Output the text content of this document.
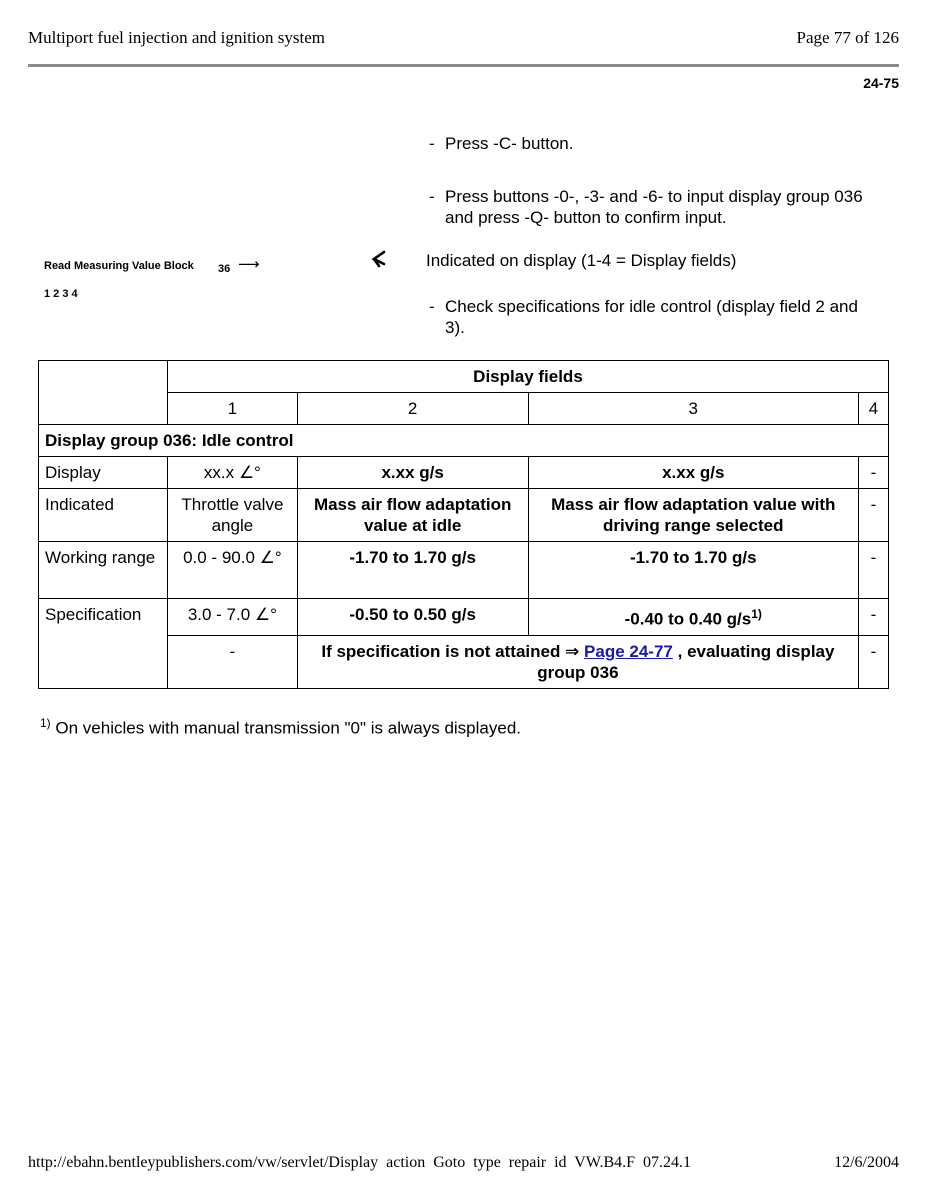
Multiport fuel injection and ignition system	Page 77 of 126
24-75
- Press -C- button.
- Press buttons -0-, -3- and -6- to input display group 036 and press -Q- button to confirm input.
Read Measuring Value Block 36 ⟶
1 2 3 4
Indicated on display (1-4 = Display fields)
- Check specifications for idle control (display field 2 and 3).
	Display fields			
	1	2	3	4
Display group 036: Idle control				
Display	xx.x ∠°	x.xx g/s	x.xx g/s	-
Indicated	Throttle valve angle	Mass air flow adaptation value at idle	Mass air flow adaptation value with driving range selected	-
Working range	0.0 - 90.0 ∠°	-1.70 to 1.70 g/s	-1.70 to 1.70 g/s	-
Specification	3.0 - 7.0 ∠°	-0.50 to 0.50 g/s	-0.40 to 0.40 $g/s^{1)}$	-
	-	If specification is not attained ⇒ Page 24-77 , evaluating display group 036		-
$^{1)}$ On vehicles with manual transmission "0" is always displayed.
http://ebahn.bentleypublishers.com/vw/servlet/Display action Goto type repair id VW.B4.F 07.24.1	12/6/2004
